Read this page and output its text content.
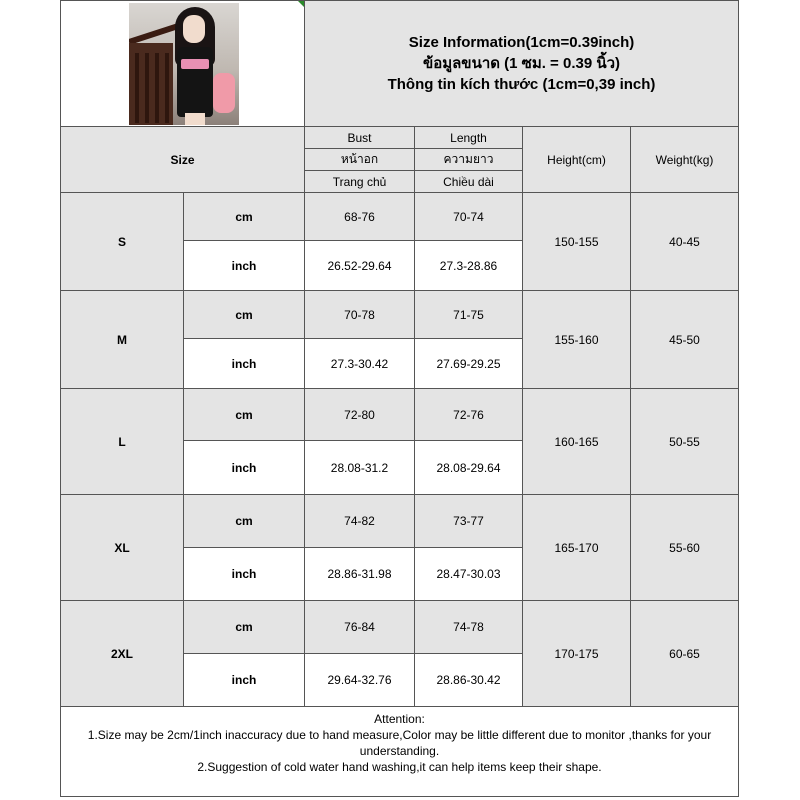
		Size Information(1cm=0.39inch)
ข้อมูลขนาด (1 ซม. = 0.39 นิ้ว)
Thông tin kích thước (1cm=0,39 inch)			

Size		Bust	Length	Height(cm)	Weight(kg)
		หน้าอก	ความยาว		
		Trang chủ	Chiều dài		
S	cm	68-76	70-74	150-155	40-45
	inch	26.52-29.64	27.3-28.86		
M	cm	70-78	71-75	155-160	45-50
	inch	27.3-30.42	27.69-29.25		
L	cm	72-80	72-76	160-165	50-55
	inch	28.08-31.2	28.08-29.64		
XL	cm	74-82	73-77	165-170	55-60
	inch	28.86-31.98	28.47-30.03		
2XL	cm	76-84	74-78	170-175	60-65
	inch	29.64-32.76	28.86-30.42		

Attention:
1.Size may be 2cm/1inch inaccuracy due to hand measure,Color may be little different due to monitor ,thanks for your understanding.
2.Suggestion of cold water hand washing,it can help items keep their shape.					
